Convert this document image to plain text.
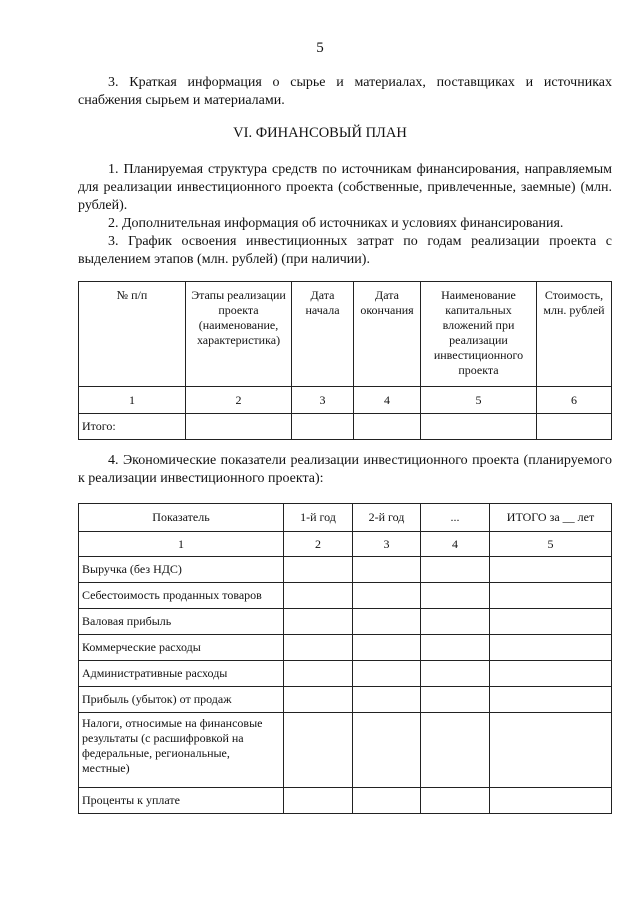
5

3. Краткая информация о сырье и материалах, поставщиках и источниках снабжения сырьем и материалами.

VI. ФИНАНСОВЫЙ ПЛАН

1. Планируемая структура средств по источникам финансирования, направляемым для реализации инвестиционного проекта (собственные, привлеченные, заемные) (млн. рублей).

2. Дополнительная информация об источниках и условиях финансирования.

3. График освоения инвестиционных затрат по годам реализации проекта с выделением этапов (млн. рублей) (при наличии).

№ п/п	Этапы реализации проекта (наименование, характеристика)	Дата начала	Дата окончания	Наименование капитальных вложений при реализации инвестиционного проекта	Стоимость, млн. рублей
1	2	3	4	5	6
Итого:					

4. Экономические показатели реализации инвестиционного проекта (планируемого к реализации инвестиционного проекта):

Показатель	1-й год	2-й год	...	ИТОГО за __ лет
1	2	3	4	5
Выручка (без НДС)				
Себестоимость проданных товаров				
Валовая прибыль				
Коммерческие расходы				
Административные расходы				
Прибыль (убыток) от продаж				
Налоги, относимые на финансовые результаты (с расшифровкой на федеральные, региональные, местные)				
Проценты к уплате				
